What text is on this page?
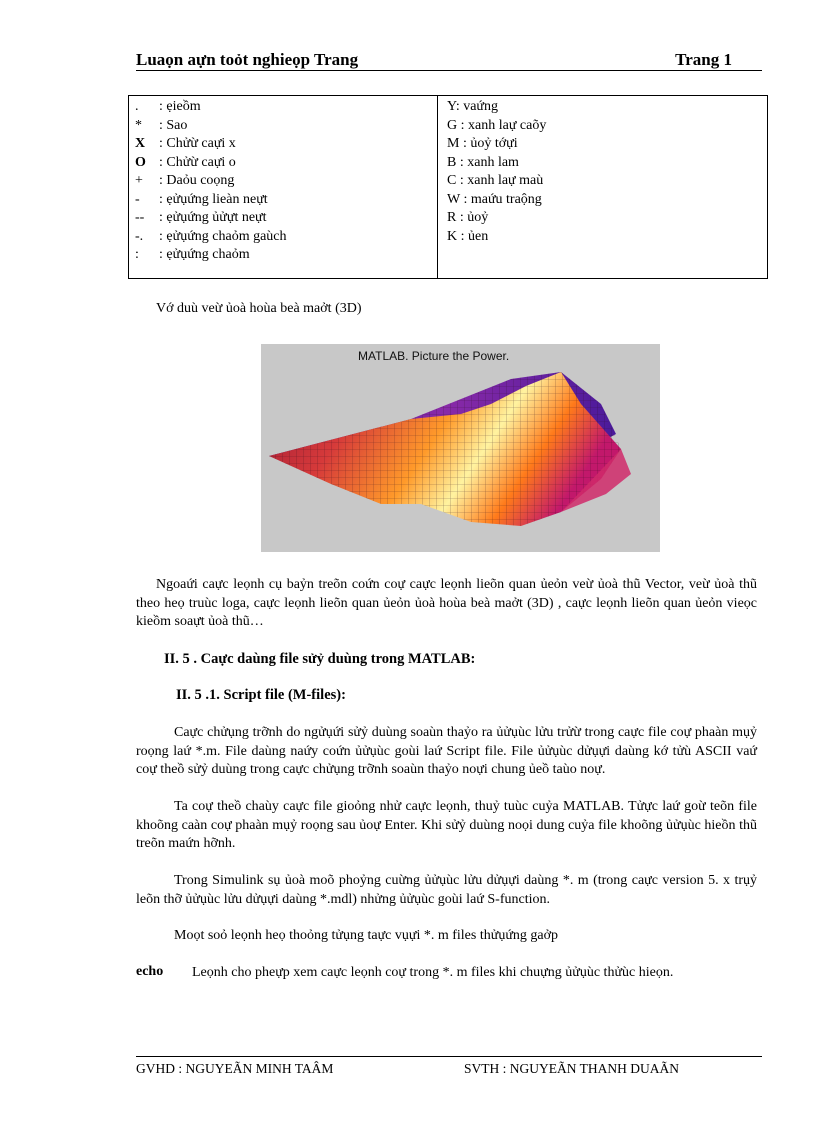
Luaọn aựn toỏt nghieọp Trang	Trang 1
. : ẹieồm
* : Sao
X : Chửừ caựi x
O : Chửừ caựi o
+ : Daỏu coọng
- : ẹửụứng lieàn neựt
-- : ẹửụứng ủửựt neựt
-. : ẹửụứng chaỏm gaùch
: : ẹửụứng chaỏm
Y: vaứng
G : xanh laự caõy
M : ủoỷ tớựi
B : xanh lam
C : xanh laự maù
W : maứu traộng
R : ủoỷ
K : ủen
Vớ duù veừ ủoà hoùa beà maởt (3D)
MATLAB. Picture the Power.
Ngoaứi caực leọnh cụ baỷn treõn coứn coự caực leọnh lieõn quan ủeỏn veừ ủoà thũ Vector, veừ ủoà thũ theo heọ truùc loga, caực leọnh lieõn quan ủeỏn ủoà hoùa beà maởt (3D) , caực leọnh lieõn quan ủeỏn vieọc kieồm soaựt ủoà thũ…
II. 5 . Caực daùng file sửỷ duùng trong MATLAB:
II. 5 .1. Script file (M-files):
Caực chửụng trỡnh do ngửụứi sửỷ duùng soaùn thaỷo ra ủửụùc lửu trửừ trong caực file coự phaàn mụỷ roọng laứ *.m. File daùng naứy coứn ủửụùc goùi laứ Script file. File ủửụùc dửụựi daùng kớ tửù ASCII vaứ coự theồ sửỷ duùng trong caực chửụng trỡnh soaùn thaỷo noựi chung ủeồ taùo noự.
Ta coự theồ chaùy caực file gioỏng nhử caực leọnh, thuỷ tuùc cuỷa MATLAB. Tửực laứ goừ teõn file khoõng caàn coự phaàn mụỷ roọng sau ủoự Enter. Khi sửỷ duùng noọi dung cuỷa file khoõng ủửụùc hieồn thũ treõn maứn hỡnh.
Trong Simulink sụ ủoà moõ phoỷng cuừng ủửụùc lửu dửụựi daùng *. m (trong caực version 5. x trụỷ leõn thỡ ủửụùc lửu dửụựi daùng *.mdl) nhửng ủửụùc goùi laứ S-function.
Moọt soỏ leọnh heọ thoỏng tửụng taực vụựi *. m files thửụứng gaởp
echo Leọnh cho pheựp xem caực leọnh coự trong *. m files khi chuựng ủửụùc thửùc hieọn.
GVHD : NGUYEÃN MINH TAÂM	SVTH : NGUYEÃN THANH DUAÃN
